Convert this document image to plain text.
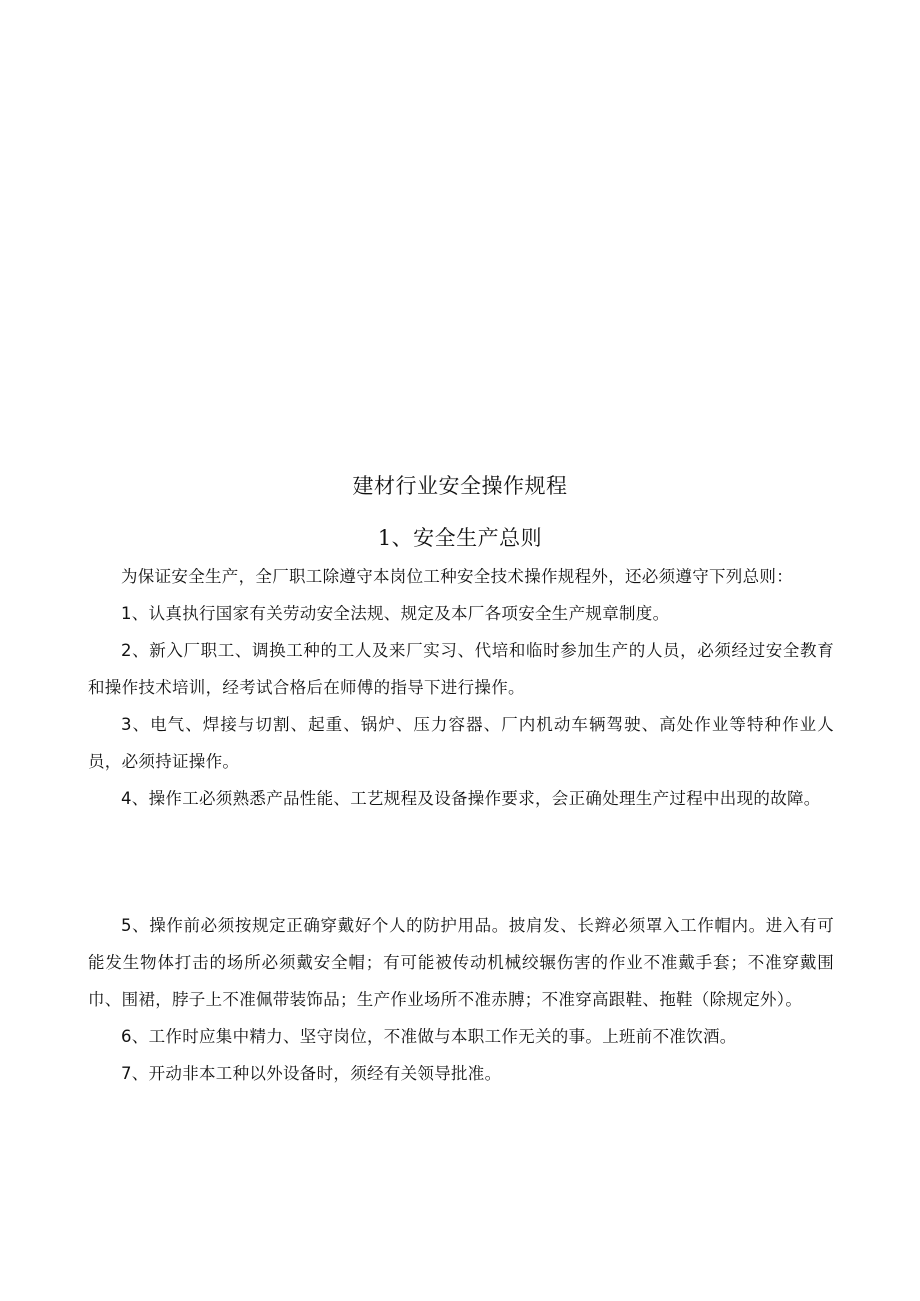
建材行业安全操作规程
1、安全生产总则

为保证安全生产，全厂职工除遵守本岗位工种安全技术操作规程外，还必须遵守下列总则：

1、认真执行国家有关劳动安全法规、规定及本厂各项安全生产规章制度。

2、新入厂职工、调换工种的工人及来厂实习、代培和临时参加生产的人员，必须经过安全教育和操作技术培训，经考试合格后在师傅的指导下进行操作。

3、电气、焊接与切割、起重、锅炉、压力容器、厂内机动车辆驾驶、高处作业等特种作业人员，必须持证操作。

4、操作工必须熟悉产品性能、工艺规程及设备操作要求，会正确处理生产过程中出现的故障。

5、操作前必须按规定正确穿戴好个人的防护用品。披肩发、长辫必须罩入工作帽内。进入有可能发生物体打击的场所必须戴安全帽；有可能被传动机械绞辗伤害的作业不准戴手套；不准穿戴围巾、围裙，脖子上不准佩带装饰品；生产作业场所不准赤膊；不准穿高跟鞋、拖鞋（除规定外）。

6、工作时应集中精力、坚守岗位，不准做与本职工作无关的事。上班前不准饮酒。

7、开动非本工种以外设备时，须经有关领导批准。
